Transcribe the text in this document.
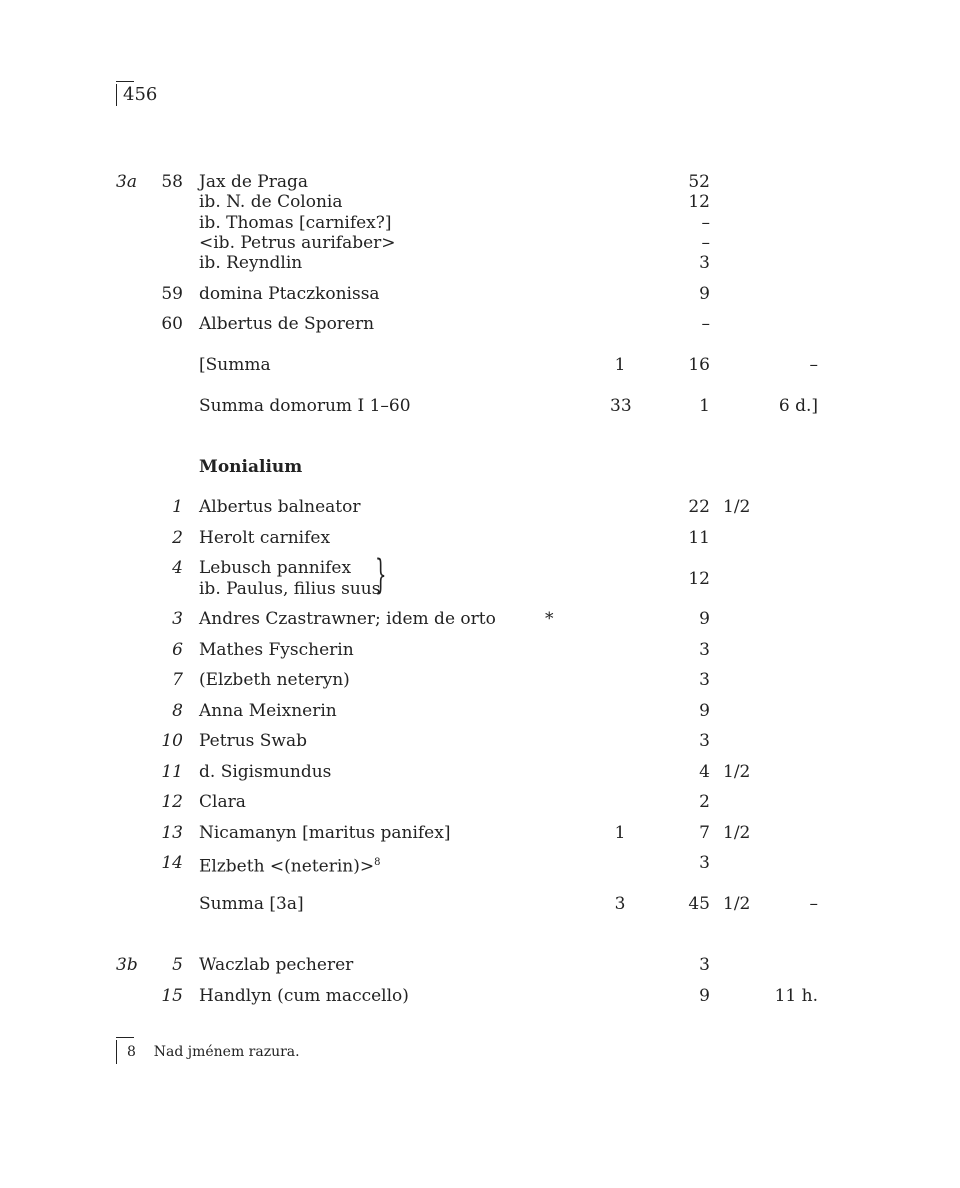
456
3a	58 Jax de Praga	52
ib. N. de Colonia	12
ib. Thomas [carnifex?]	–
<ib. Petrus aurifaber>	–
ib. Reyndlin	3
59 domina Ptaczkonissa	9
60 Albertus de Sporern	–
[Summa	1	16	–
Summa domorum I 1–60	33	1	6 d.]
Monialium
1 Albertus balneator	22 1/2
2 Herolt carnifex	11
4 Lebusch pannifex
ib. Paulus, filius suus	12
3 Andres Czastrawner; idem de orto	*	9
6 Mathes Fyscherin	3
7 (Elzbeth neteryn)	3
8 Anna Meixnerin	9
10 Petrus Swab	3
11 d. Sigismundus	4 1/2
12 Clara	2
13 Nicamanyn [maritus panifex]	1	7 1/2
14 Elzbeth <(neterin)>$^8$	3
Summa [3a]	3	45 1/2	–
3b	5 Waczlab pecherer	3
15 Handlyn (cum maccello)	9	11 h.
}
8 Nad jménem razura.
